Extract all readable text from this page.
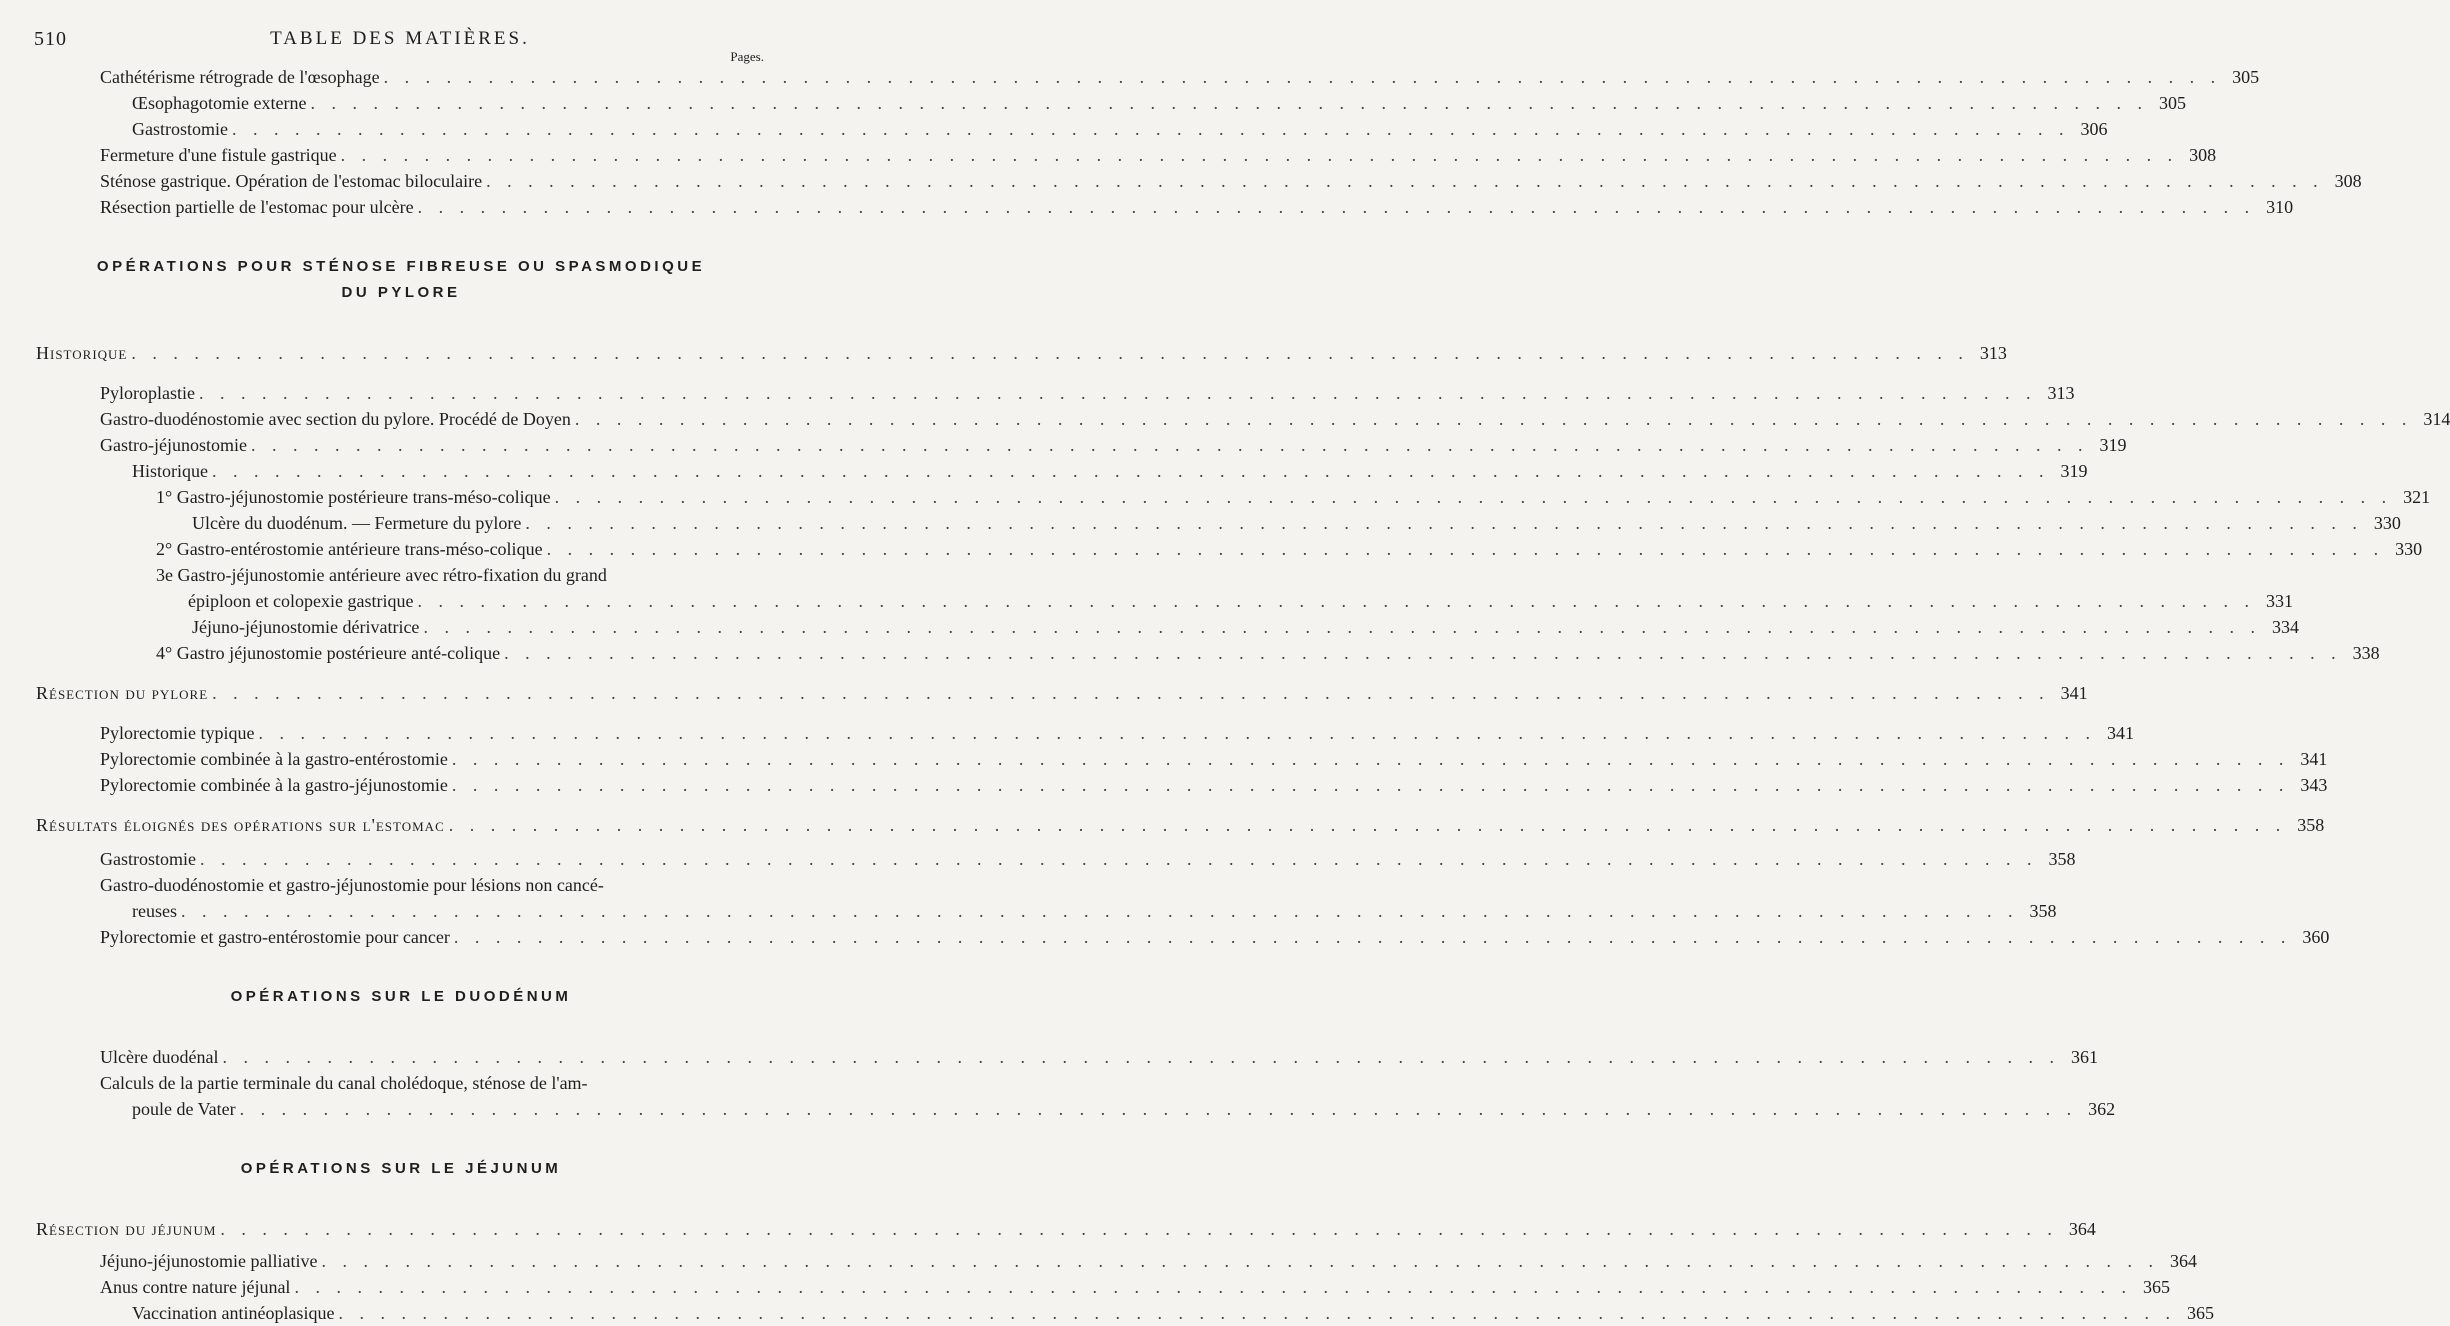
510	TABLE DES MATIÈRES.
Pages.
Cathétérisme rétrograde de l'œsophage . . .	305
Œsophagotomie externe . . .	305
Gastrostomie . . .	306
Fermeture d'une fistule gastrique . . .	308
Sténose gastrique. Opération de l'estomac biloculaire . . .	308
Résection partielle de l'estomac pour ulcère . . .	310
OPÉRATIONS POUR STÉNOSE FIBREUSE OU SPASMODIQUE
DU PYLORE
Historique . . .	313
Pyloroplastie . . .	313
Gastro-duodénostomie avec section du pylore. Procédé de Doyen . . .	314
Gastro-jéjunostomie . . .	319
Historique . . .	319
1° Gastro-jéjunostomie postérieure trans-méso-colique . . .	321
Ulcère du duodénum. — Fermeture du pylore . . .	330
2° Gastro-entérostomie antérieure trans-méso-colique . . .	330
3e Gastro-jéjunostomie antérieure avec rétro-fixation du grand
épiploon et colopexie gastrique . . .	331
Jéjuno-jéjunostomie dérivatrice . . .	334
4° Gastro jéjunostomie postérieure anté-colique . . .	338
Résection du pylore . . .	341
Pylorectomie typique . . .	341
Pylorectomie combinée à la gastro-entérostomie . . .	341
Pylorectomie combinée à la gastro-jéjunostomie . . .	343
Résultats éloignés des opérations sur l'estomac . . .	358
Gastrostomie . . .	358
Gastro-duodénostomie et gastro-jéjunostomie pour lésions non cancé-
reuses . . .	358
Pylorectomie et gastro-entérostomie pour cancer . . .	360
OPÉRATIONS SUR LE DUODÉNUM
Ulcère duodénal . . .	361
Calculs de la partie terminale du canal cholédoque, sténose de l'am-
poule de Vater . . .	362
OPÉRATIONS SUR LE JÉJUNUM
Résection du jéjunum . . .	364
Jéjuno-jéjunostomie palliative . . .	364
Anus contre nature jéjunal . . .	365
Vaccination antinéoplasique . . .	365
